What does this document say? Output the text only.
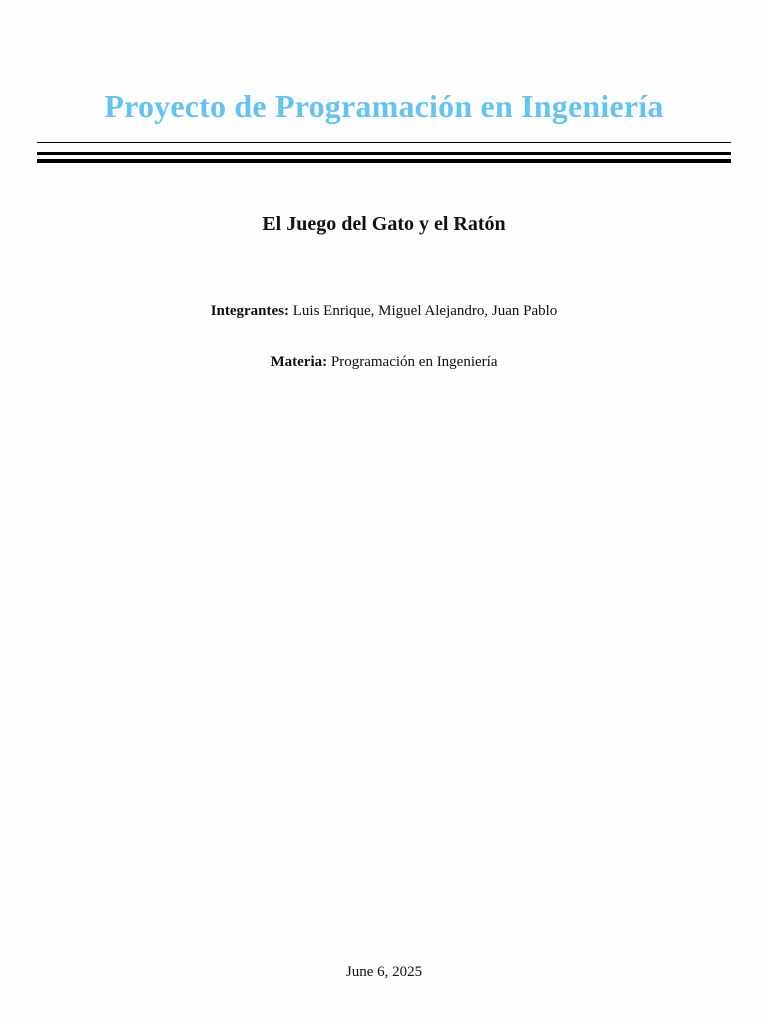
Proyecto de Programación en Ingeniería
El Juego del Gato y el Ratón
Integrantes: Luis Enrique, Miguel Alejandro, Juan Pablo
Materia: Programación en Ingeniería
June 6, 2025
